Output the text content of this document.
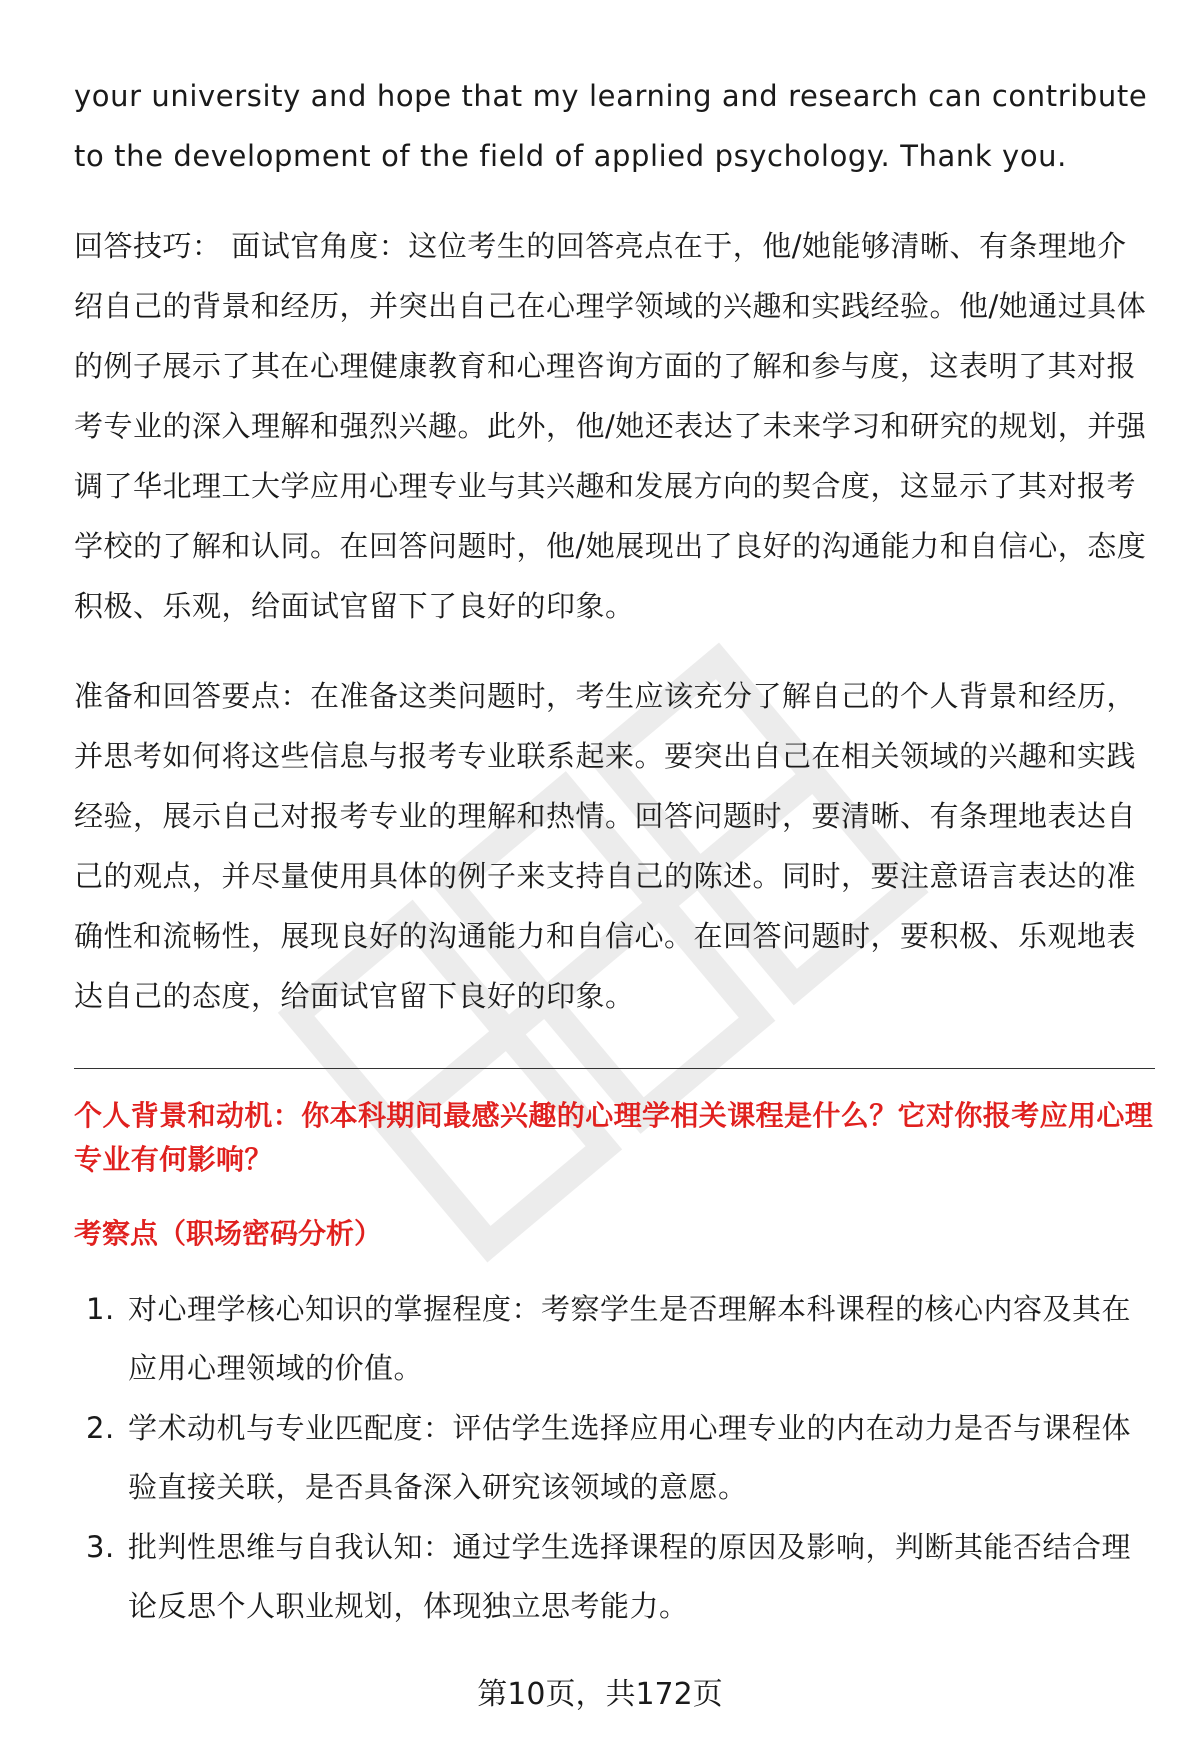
your university and hope that my learning and research can contribute to the development of the field of applied psychology. Thank you.

回答技巧： 面试官角度：这位考生的回答亮点在于，他/她能够清晰、有条理地介绍自己的背景和经历，并突出自己在心理学领域的兴趣和实践经验。他/她通过具体的例子展示了其在心理健康教育和心理咨询方面的了解和参与度，这表明了其对报考专业的深入理解和强烈兴趣。此外，他/她还表达了未来学习和研究的规划，并强调了华北理工大学应用心理专业与其兴趣和发展方向的契合度，这显示了其对报考学校的了解和认同。在回答问题时，他/她展现出了良好的沟通能力和自信心，态度积极、乐观，给面试官留下了良好的印象。

准备和回答要点：在准备这类问题时，考生应该充分了解自己的个人背景和经历，并思考如何将这些信息与报考专业联系起来。要突出自己在相关领域的兴趣和实践经验，展示自己对报考专业的理解和热情。回答问题时，要清晰、有条理地表达自己的观点，并尽量使用具体的例子来支持自己的陈述。同时，要注意语言表达的准确性和流畅性，展现良好的沟通能力和自信心。在回答问题时，要积极、乐观地表达自己的态度，给面试官留下良好的印象。

个人背景和动机：你本科期间最感兴趣的心理学相关课程是什么？它对你报考应用心理专业有何影响？

考察点（职场密码分析）

1. 对心理学核心知识的掌握程度：考察学生是否理解本科课程的核心内容及其在应用心理领域的价值。
2. 学术动机与专业匹配度：评估学生选择应用心理专业的内在动力是否与课程体验直接关联，是否具备深入研究该领域的意愿。
3. 批判性思维与自我认知：通过学生选择课程的原因及影响，判断其能否结合理论反思个人职业规划，体现独立思考能力。
第10页，共172页
